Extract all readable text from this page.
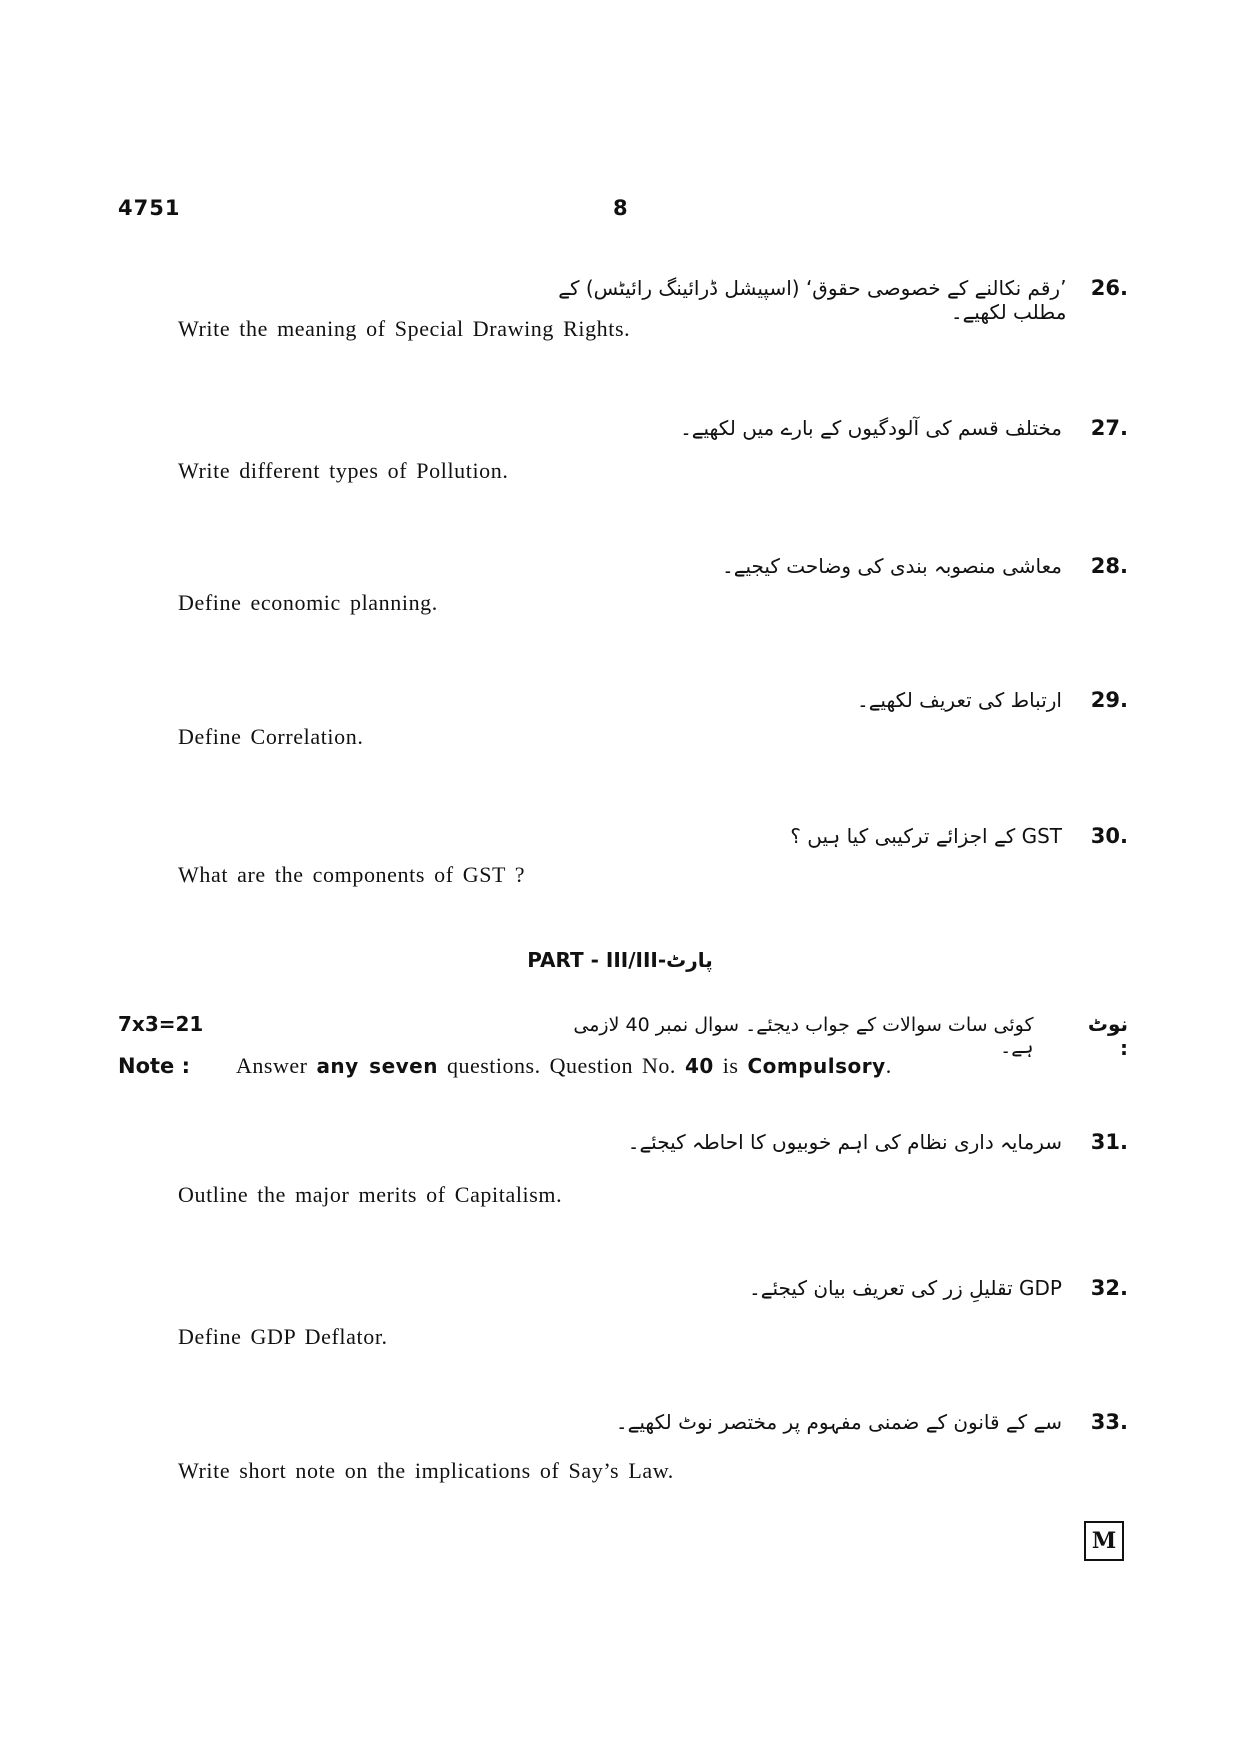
4751	8
’رقم نکالنے کے خصوصی حقوق‘ (اسپیشل ڈرائینگ رائیٹس) کے مطلب لکھیے۔
26.
Write the meaning of Special Drawing Rights.
مختلف قسم کی آلودگیوں کے بارے میں لکھیے۔	27.
Write different types of Pollution.
معاشی منصوبہ بندی کی وضاحت کیجیے۔	28.
Define economic planning.
ارتباط کی تعریف لکھیے۔	29.
Define Correlation.
GST کے اجزائے ترکیبی کیا ہیں ؟	30.
What are the components of GST ?
PART - III/III-پارٹ
7x3=21	کوئی سات سوالات کے جواب دیجئے۔ سوال نمبر 40 لازمی ہے۔
نوٹ :
Note : Answer any seven questions. Question No. 40 is Compulsory.
سرمایہ داری نظام کی اہم خوبیوں کا احاطہ کیجئے۔	31.
Outline the major merits of Capitalism.
GDP تقلیلِ زر کی تعریف بیان کیجئے۔	32.
Define GDP Deflator.
سے کے قانون کے ضمنی مفہوم پر مختصر نوٹ لکھیے۔	33.
Write short note on the implications of Say’s Law.
M
